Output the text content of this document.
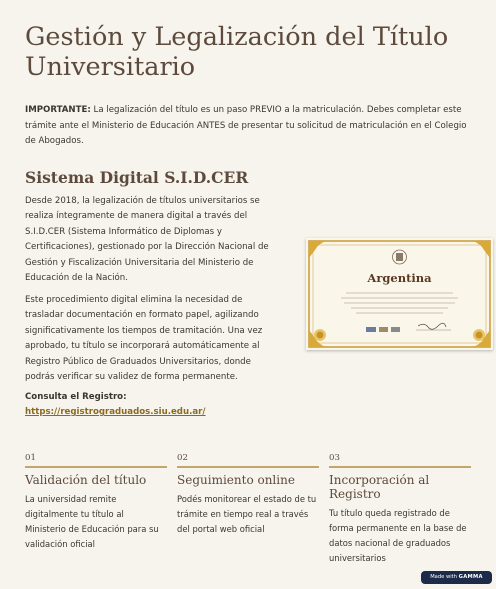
Gestión y Legalización del Título Universitario

IMPORTANTE: La legalización del título es un paso PREVIO a la matriculación. Debes completar este trámite ante el Ministerio de Educación ANTES de presentar tu solicitud de matriculación en el Colegio de Abogados.

Sistema Digital S.I.D.CER

Desde 2018, la legalización de títulos universitarios se realiza íntegramente de manera digital a través del S.I.D.CER (Sistema Informático de Diplomas y Certificaciones), gestionado por la Dirección Nacional de Gestión y Fiscalización Universitaria del Ministerio de Educación de la Nación.

Este procedimiento digital elimina la necesidad de trasladar documentación en formato papel, agilizando significativamente los tiempos de tramitación. Una vez aprobado, tu título se incorporará automáticamente al Registro Público de Graduados Universitarios, donde podrás verificar su validez de forma permanente.

Consulta el Registro:
https://registrograduados.siu.edu.ar/
Argentina
01
Validación del título
La universidad remite digitalmente tu título al Ministerio de Educación para su validación oficial
02
Seguimiento online
Podés monitorear el estado de tu trámite en tiempo real a través del portal web oficial
03
Incorporación al Registro
Tu título queda registrado de forma permanente en la base de datos nacional de graduados universitarios
Made with GAMMA
